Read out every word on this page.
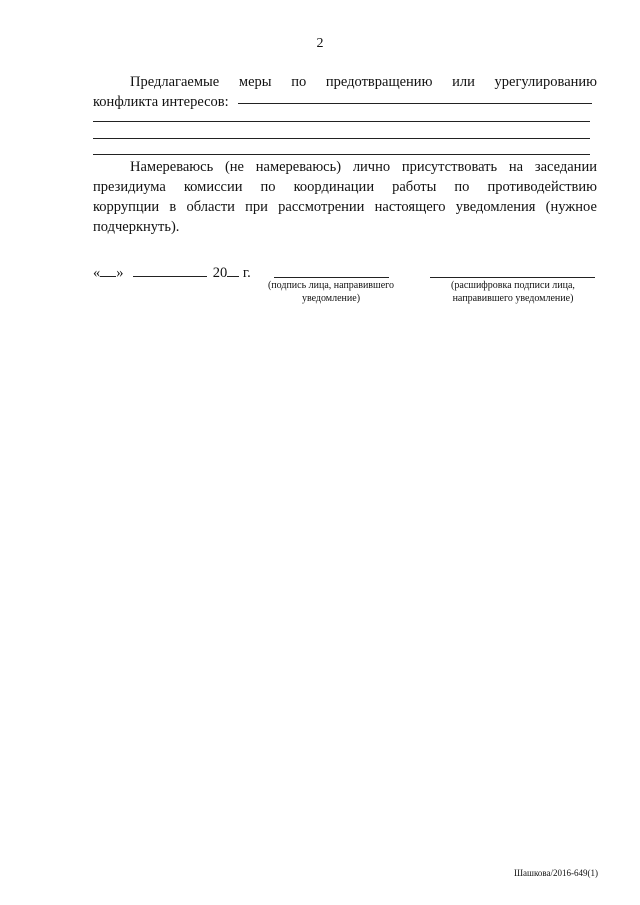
2
Предлагаемые меры по предотвращению или урегулированию
конфликта интересов:
Намереваюсь (не намереваюсь) лично присутствовать на заседании
президиума комиссии по координации работы по противодействию
коррупции в области при рассмотрении настоящего уведомления (нужное
подчеркнуть).
« »	20 г.
(подпись лица, направившего
уведомление)
(расшифровка подписи лица,
направившего уведомление)
Шашкова/2016-649(1)
